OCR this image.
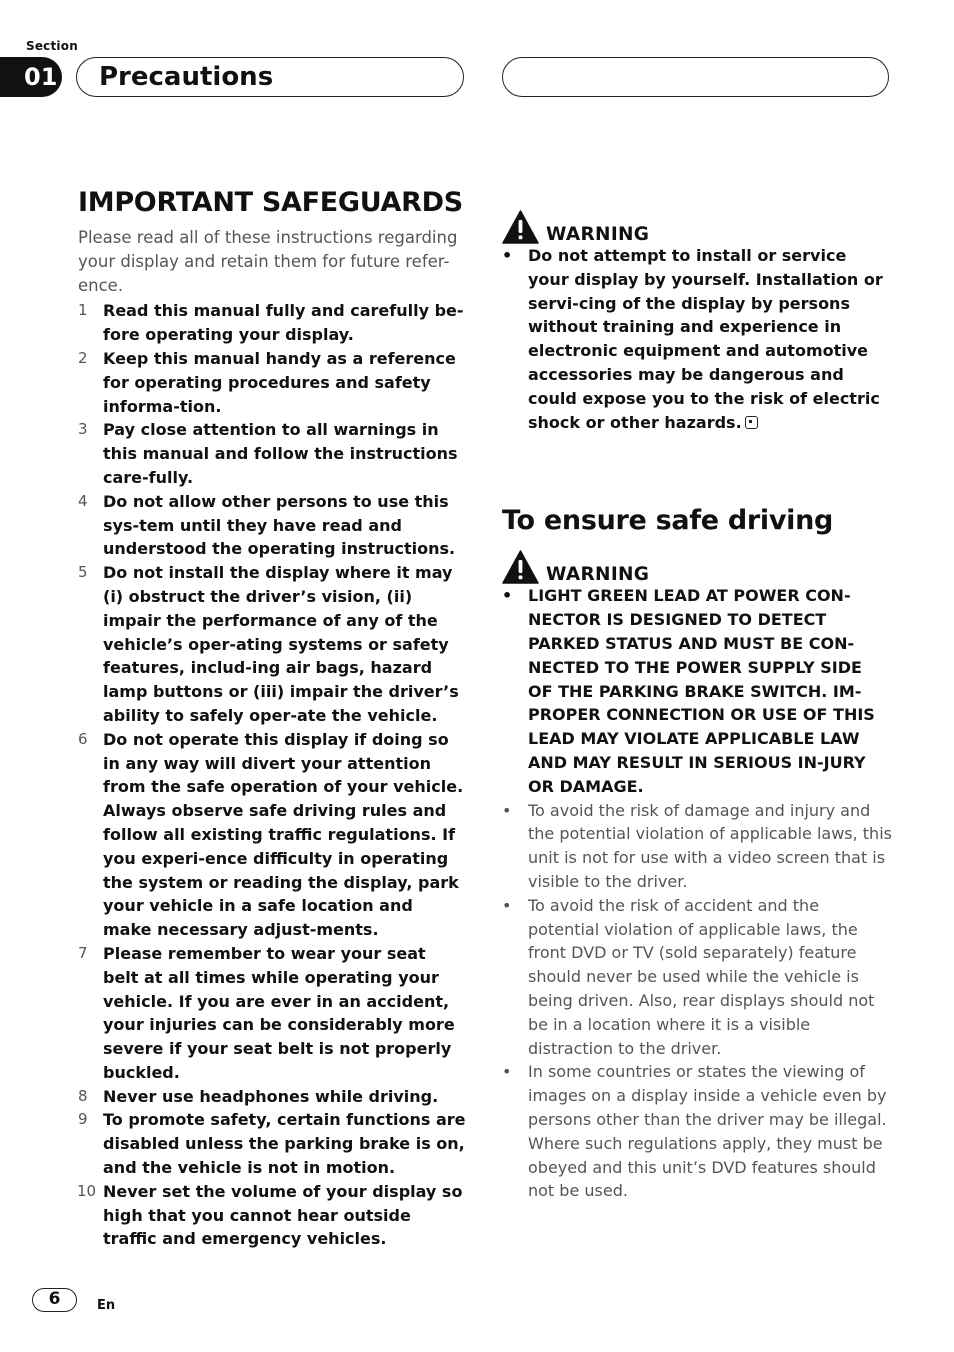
Section
01 Precautions
IMPORTANT SAFEGUARDS

Please read all of these instructions regarding your display and retain them for future refer-ence.

1 Read this manual fully and carefully be-fore operating your display.
2 Keep this manual handy as a reference for operating procedures and safety informa-tion.
3 Pay close attention to all warnings in this manual and follow the instructions care-fully.
4 Do not allow other persons to use this sys-tem until they have read and understood the operating instructions.
5 Do not install the display where it may (i) obstruct the driver’s vision, (ii) impair the performance of any of the vehicle’s oper-ating systems or safety features, includ-ing air bags, hazard lamp buttons or (iii) impair the driver’s ability to safely oper-ate the vehicle.
6 Do not operate this display if doing so in any way will divert your attention from the safe operation of your vehicle. Always observe safe driving rules and follow all existing traffic regulations. If you experi-ence difficulty in operating the system or reading the display, park your vehicle in a safe location and make necessary adjust-ments.
7 Please remember to wear your seat belt at all times while operating your vehicle. If you are ever in an accident, your injuries can be considerably more severe if your seat belt is not properly buckled.
8 Never use headphones while driving.
9 To promote safety, certain functions are disabled unless the parking brake is on, and the vehicle is not in motion.
10 Never set the volume of your display so high that you cannot hear outside traffic and emergency vehicles.
WARNING
• Do not attempt to install or service your display by yourself. Installation or servi-cing of the display by persons without training and experience in electronic equipment and automotive accessories may be dangerous and could expose you to the risk of electric shock or other hazards.
To ensure safe driving
WARNING
• LIGHT GREEN LEAD AT POWER CON-NECTOR IS DESIGNED TO DETECT PARKED STATUS AND MUST BE CON-NECTED TO THE POWER SUPPLY SIDE OF THE PARKING BRAKE SWITCH. IM-PROPER CONNECTION OR USE OF THIS LEAD MAY VIOLATE APPLICABLE LAW AND MAY RESULT IN SERIOUS IN-JURY OR DAMAGE.
• To avoid the risk of damage and injury and the potential violation of applicable laws, this unit is not for use with a video screen that is visible to the driver.
• To avoid the risk of accident and the potential violation of applicable laws, the front DVD or TV (sold separately) feature should never be used while the vehicle is being driven. Also, rear displays should not be in a location where it is a visible distraction to the driver.
• In some countries or states the viewing of images on a display inside a vehicle even by persons other than the driver may be illegal. Where such regulations apply, they must be obeyed and this unit’s DVD features should not be used.
6	En
